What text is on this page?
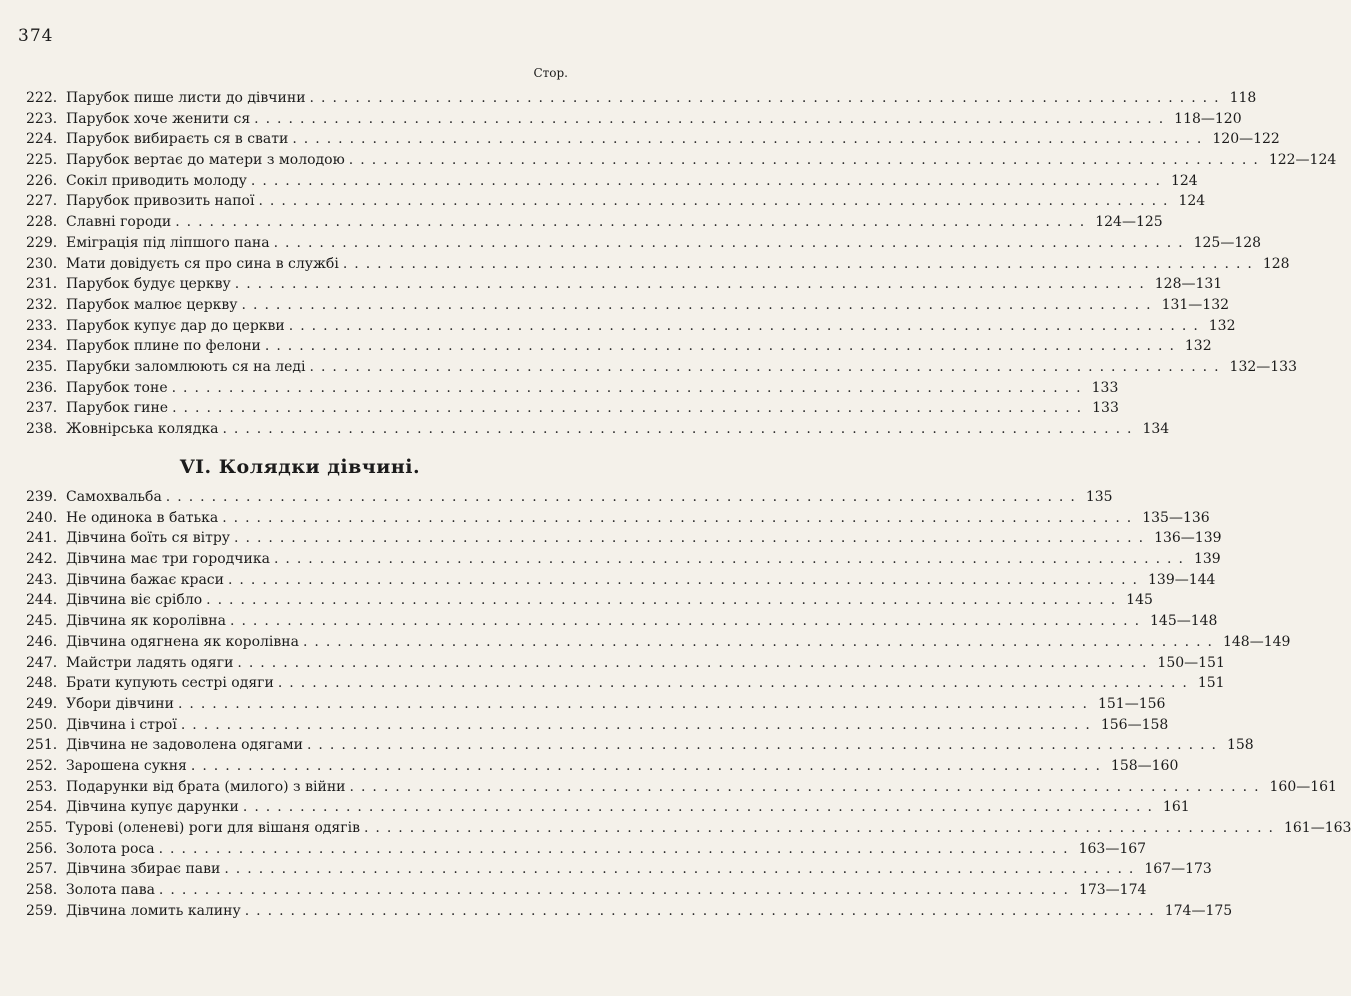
374
Стор.
222. Парубок пише листи до дівчини ................................................................................ 118
223. Парубок хоче женити ся ................................................................................ 118—120
224. Парубок вибираєть ся в свати ................................................................................ 120—122
225. Парубок вертає до матери з молодою ................................................................................ 122—124
226. Сокіл приводить молоду ................................................................................ 124
227. Парубок привозить напої ................................................................................ 124
228. Славні городи ................................................................................ 124—125
229. Еміграція під лiпшого пана ................................................................................ 125—128
230. Мати довідуєть ся про сина в службі ................................................................................ 128
231. Парубок будує церкву ................................................................................ 128—131
232. Парубок малює церкву ................................................................................ 131—132
233. Парубок купує дар до церкви ................................................................................ 132
234. Парубок плине по фелони ................................................................................ 132
235. Парубки заломлюють ся на леді ................................................................................ 132—133
236. Парубок тоне ................................................................................ 133
237. Парубок гине ................................................................................ 133
238. Жовнірська колядка ................................................................................ 134
VI. Колядки дівчині.
239. Самохвальба ................................................................................ 135
240. Не одинока в батька ................................................................................ 135—136
241. Дівчина боїть ся вітру ................................................................................ 136—139
242. Дівчина має три городчика ................................................................................ 139
243. Дівчина бажає краси ................................................................................ 139—144
244. Дівчина віє срібло ................................................................................ 145
245. Дівчина як королівна ................................................................................ 145—148
246. Дівчина одягнена як королівна ................................................................................ 148—149
247. Майстри ладять одяги ................................................................................ 150—151
248. Брати купують сестрі одяги ................................................................................ 151
249. Убори дівчини ................................................................................ 151—156
250. Дівчина і строї ................................................................................ 156—158
251. Дівчина не задоволена одягами ................................................................................ 158
252. Зарошена сукня ................................................................................ 158—160
253. Подарунки від брата (милого) з війни ................................................................................ 160—161
254. Дівчина купує дарунки ................................................................................ 161
255. Турові (оленеві) роги для вішаня одягів ................................................................................ 161—163
256. Золота роса ................................................................................ 163—167
257. Дівчина збирає пави ................................................................................ 167—173
258. Золота пава ................................................................................ 173—174
259. Дівчина ломить калину ................................................................................ 174—175
